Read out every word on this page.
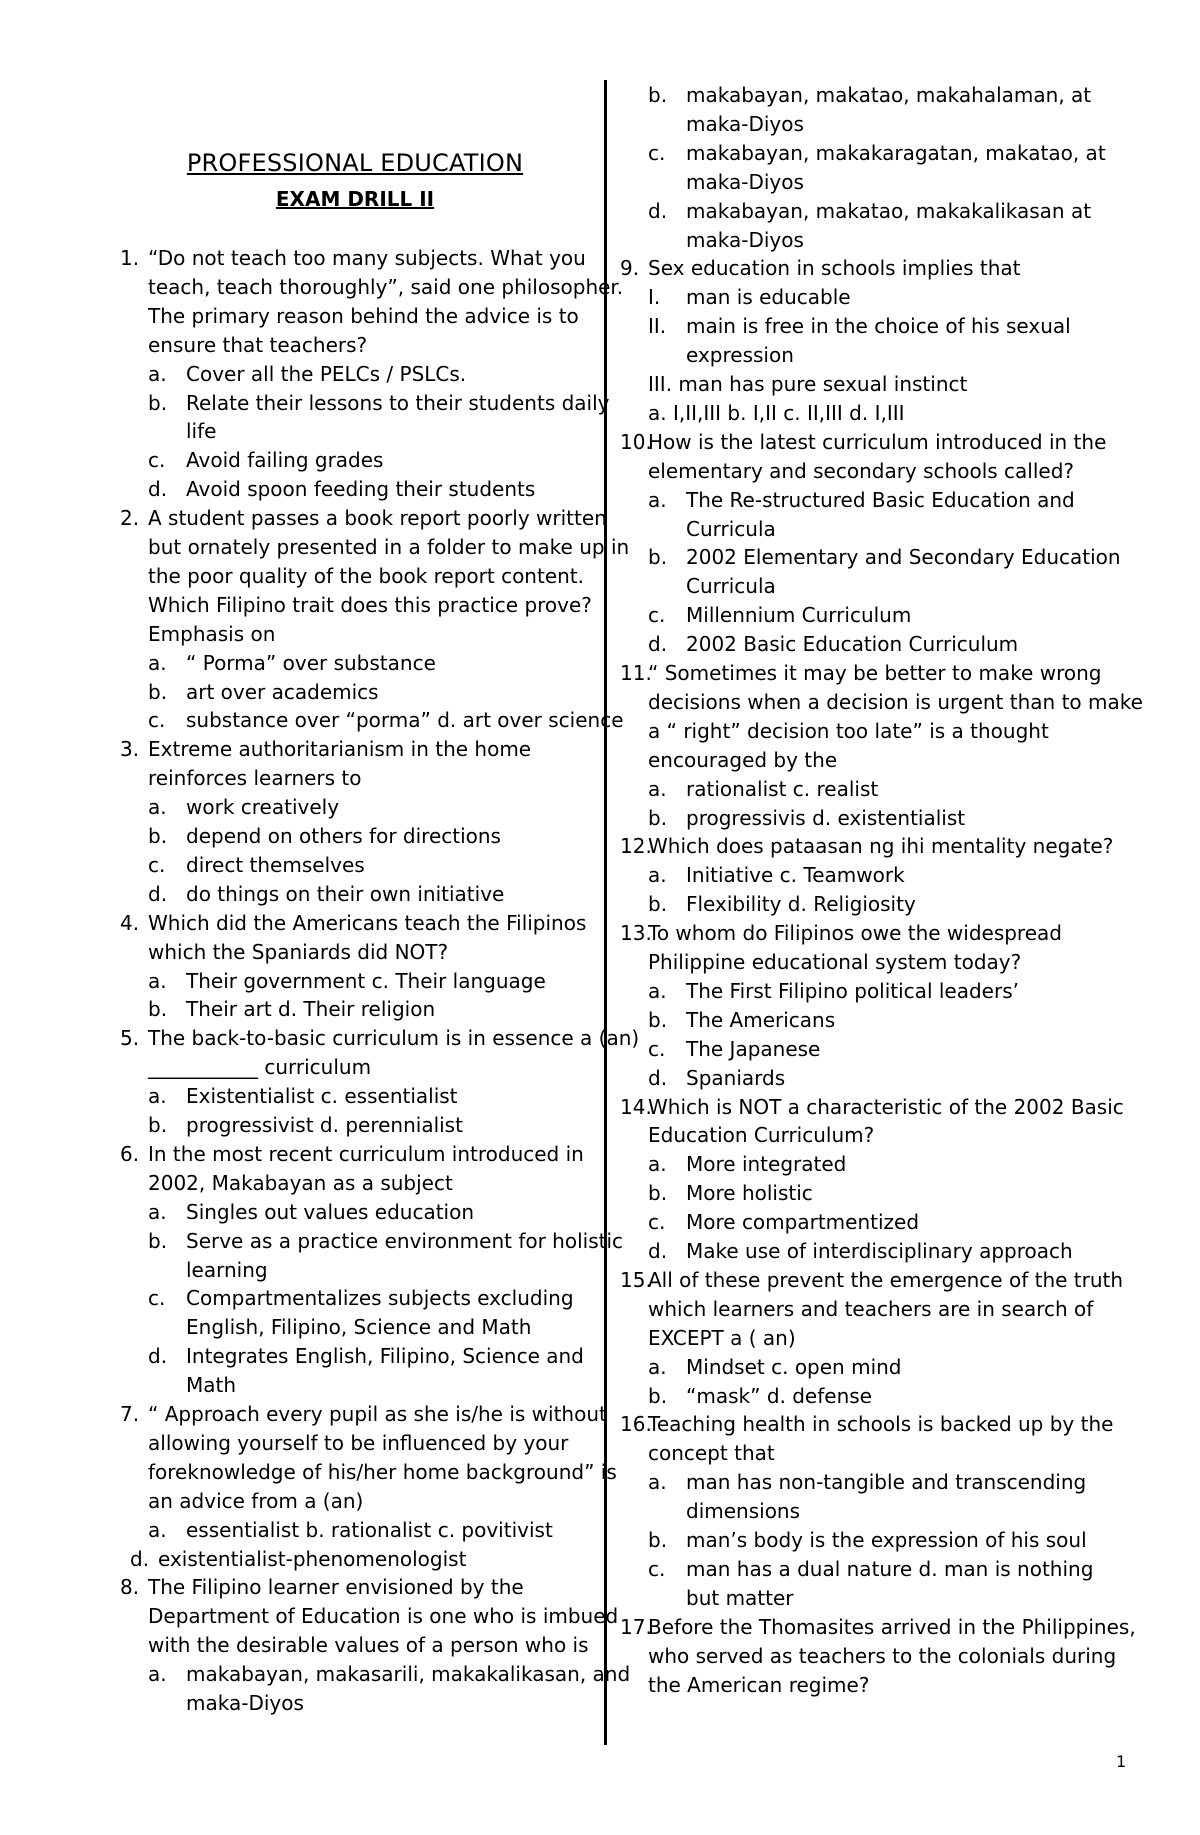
PROFESSIONAL EDUCATION
EXAM DRILL II
1. “Do not teach too many subjects. What you
teach, teach thoroughly”, said one philosopher.
The primary reason behind the advice is to
ensure that teachers?
a. Cover all the PELCs / PSLCs.
b. Relate their lessons to their students daily
life
c. Avoid failing grades
d. Avoid spoon feeding their students
2. A student passes a book report poorly written
but ornately presented in a folder to make up in
the poor quality of the book report content.
Which Filipino trait does this practice prove?
Emphasis on
a. “ Porma” over substance
b. art over academics
c. substance over “porma” d. art over science
3. Extreme authoritarianism in the home
reinforces learners to
a. work creatively
b. depend on others for directions
c. direct themselves
d. do things on their own initiative
4. Which did the Americans teach the Filipinos
which the Spaniards did NOT?
a. Their government c. Their language
b. Their art d. Their religion
5. The back-to-basic curriculum is in essence a (an)
___________ curriculum
a. Existentialist c. essentialist
b. progressivist d. perennialist
6. In the most recent curriculum introduced in
2002, Makabayan as a subject
a. Singles out values education
b. Serve as a practice environment for holistic
learning
c. Compartmentalizes subjects excluding
English, Filipino, Science and Math
d. Integrates English, Filipino, Science and
Math
7. “ Approach every pupil as she is/he is without
allowing yourself to be influenced by your
foreknowledge of his/her home background” is
an advice from a (an)
a. essentialist b. rationalist c. povitivist
d. existentialist-phenomenologist
8. The Filipino learner envisioned by the
Department of Education is one who is imbued
with the desirable values of a person who is
a. makabayan, makasarili, makakalikasan, and
maka-Diyos
b. makabayan, makatao, makahalaman, at
maka-Diyos
c. makabayan, makakaragatan, makatao, at
maka-Diyos
d. makabayan, makatao, makakalikasan at
maka-Diyos
9. Sex education in schools implies that
I. man is educable
II. main is free in the choice of his sexual
expression
III. man has pure sexual instinct
a. I,II,III b. I,II c. II,III d. I,III
10.
How is the latest curriculum introduced in the
elementary and secondary schools called?
a. The Re-structured Basic Education and
Curricula
b. 2002 Elementary and Secondary Education
Curricula
c. Millennium Curriculum
d. 2002 Basic Education Curriculum
11.
“ Sometimes it may be better to make wrong
decisions when a decision is urgent than to make
a “ right” decision too late” is a thought
encouraged by the
a. rationalist c. realist
b. progressivis d. existentialist
12.
Which does pataasan ng ihi mentality negate?
a. Initiative c. Teamwork
b. Flexibility d. Religiosity
13.
To whom do Filipinos owe the widespread
Philippine educational system today?
a. The First Filipino political leaders’
b. The Americans
c. The Japanese
d. Spaniards
14.
Which is NOT a characteristic of the 2002 Basic
Education Curriculum?
a. More integrated
b. More holistic
c. More compartmentized
d. Make use of interdisciplinary approach
15.
All of these prevent the emergence of the truth
which learners and teachers are in search of
EXCEPT a ( an)
a. Mindset c. open mind
b. “mask” d. defense
16.
Teaching health in schools is backed up by the
concept that
a. man has non-tangible and transcending
dimensions
b. man’s body is the expression of his soul
c. man has a dual nature d. man is nothing
but matter
17.
Before the Thomasites arrived in the Philippines,
who served as teachers to the colonials during
the American regime?
1
